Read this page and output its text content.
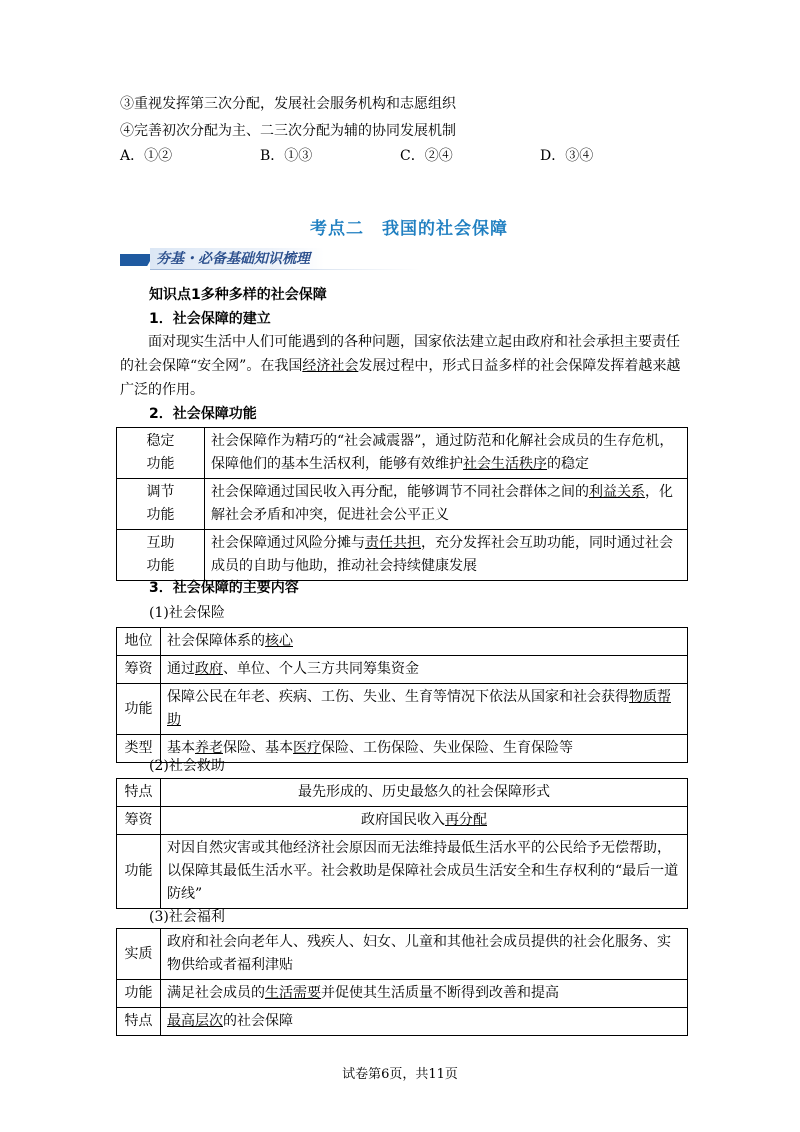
③重视发挥第三次分配，发展社会服务机构和志愿组织
④完善初次分配为主、二三次分配为辅的协同发展机制
A．①②	B．①③	C．②④	D．③④
考点二　我国的社会保障
夯基・必备基础知识梳理
知识点1多种多样的社会保障
1．社会保障的建立
面对现实生活中人们可能遇到的各种问题，国家依法建立起由政府和社会承担主要责任的社会保障“安全网”。在我国经济社会发展过程中，形式日益多样的社会保障发挥着越来越广泛的作用。
2．社会保障功能
稳定
功能	社会保障作为精巧的“社会减震器”，通过防范和化解社会成员的生存危机，保障他们的基本生活权利，能够有效维护社会生活秩序的稳定
调节
功能	社会保障通过国民收入再分配，能够调节不同社会群体之间的利益关系，化解社会矛盾和冲突，促进社会公平正义
互助
功能	社会保障通过风险分摊与责任共担，充分发挥社会互助功能，同时通过社会成员的自助与他助，推动社会持续健康发展
3．社会保障的主要内容
(1)社会保险
地位	社会保障体系的核心
筹资	通过政府、单位、个人三方共同筹集资金
功能	保障公民在年老、疾病、工伤、失业、生育等情况下依法从国家和社会获得物质帮助
类型	基本养老保险、基本医疗保险、工伤保险、失业保险、生育保险等
(2)社会救助
特点	最先形成的、历史最悠久的社会保障形式
筹资	政府国民收入再分配
功能	对因自然灾害或其他经济社会原因而无法维持最低生活水平的公民给予无偿帮助，以保障其最低生活水平。社会救助是保障社会成员生活安全和生存权利的“最后一道防线”
(3)社会福利
实质	政府和社会向老年人、残疾人、妇女、儿童和其他社会成员提供的社会化服务、实物供给或者福利津贴
功能	满足社会成员的生活需要并促使其生活质量不断得到改善和提高
特点	最高层次的社会保障
试卷第6页，共11页
